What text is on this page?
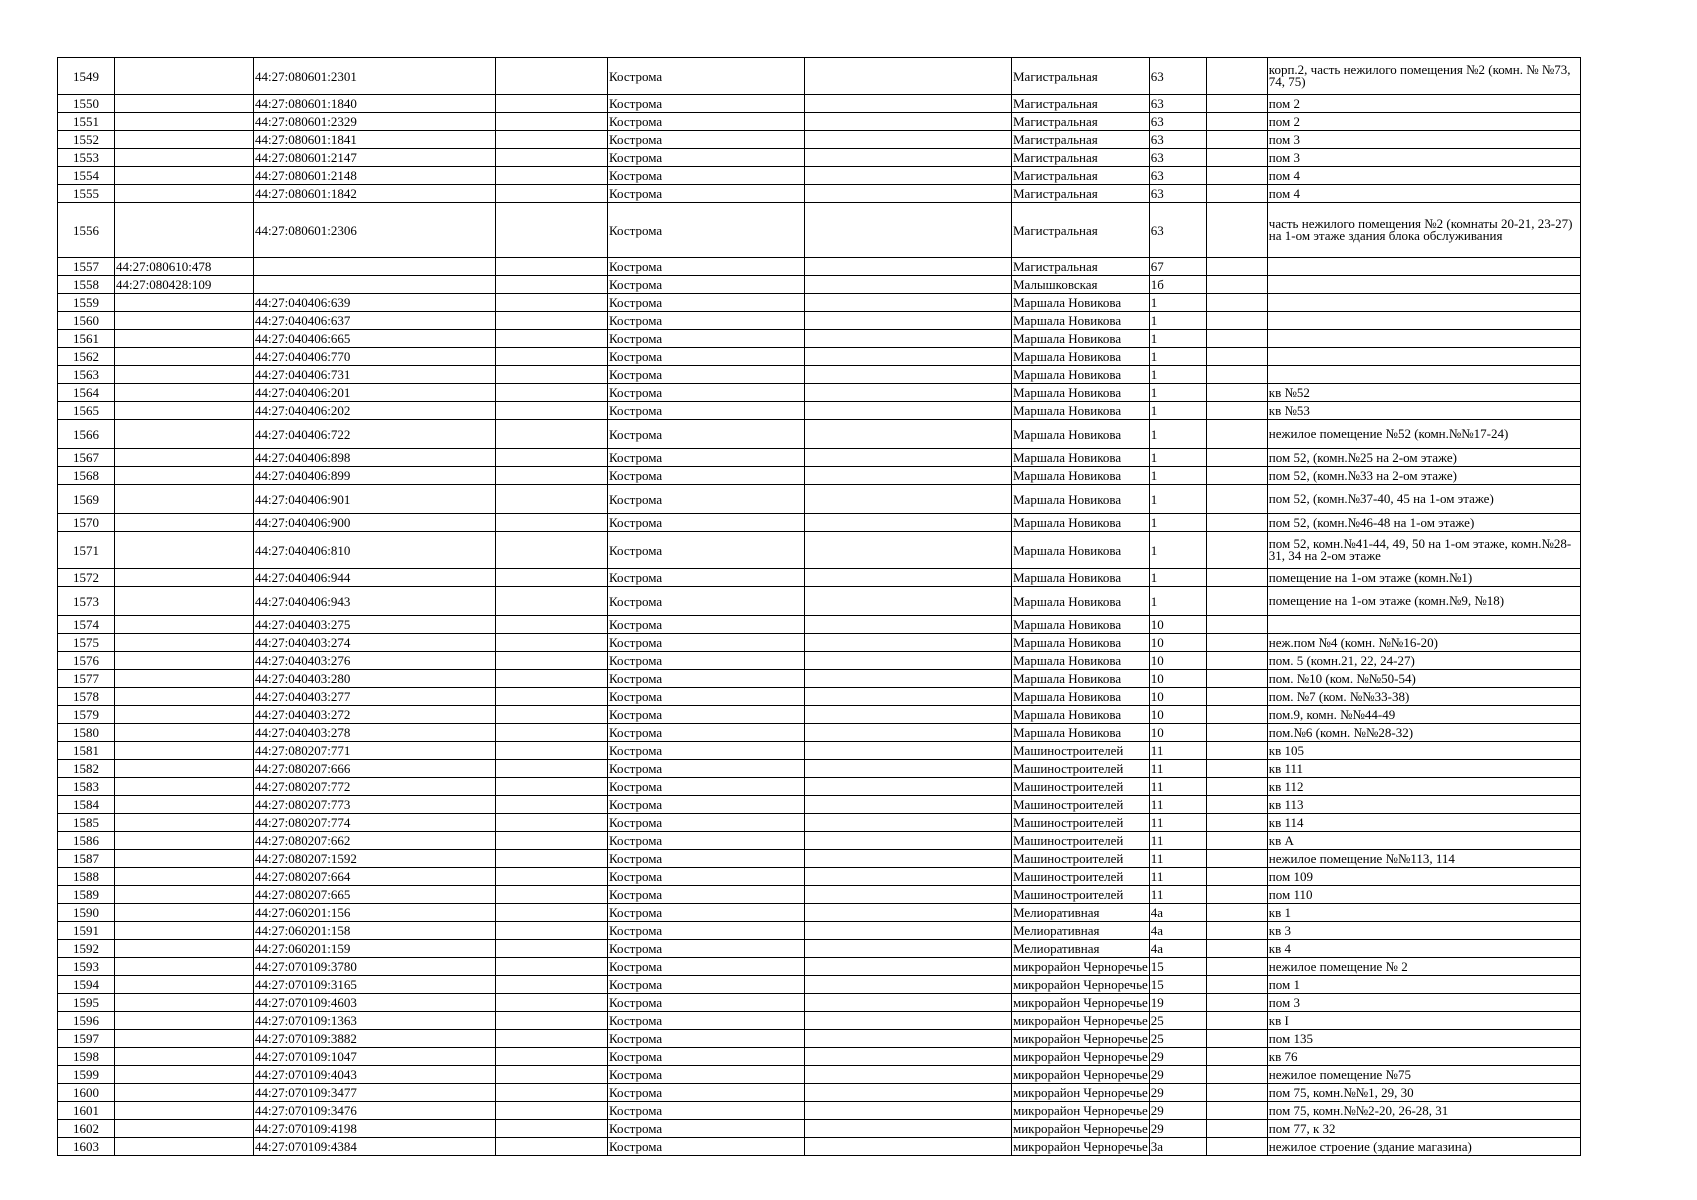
1549		44:27:080601:2301		Кострома		Магистральная	63		корп.2, часть нежилого помещения №2 (комн. № №73, 74, 75)
1550		44:27:080601:1840		Кострома		Магистральная	63		пом 2
1551		44:27:080601:2329		Кострома		Магистральная	63		пом 2
1552		44:27:080601:1841		Кострома		Магистральная	63		пом 3
1553		44:27:080601:2147		Кострома		Магистральная	63		пом 3
1554		44:27:080601:2148		Кострома		Магистральная	63		пом 4
1555		44:27:080601:1842		Кострома		Магистральная	63		пом 4
1556		44:27:080601:2306		Кострома		Магистральная	63		часть нежилого помещения №2 (комнаты 20-21, 23-27) на 1-ом этаже здания блока обслуживания
1557	44:27:080610:478			Кострома		Магистральная	67		
1558	44:27:080428:109			Кострома		Малышковская	1б		
1559		44:27:040406:639		Кострома		Маршала Новикова	1		
1560		44:27:040406:637		Кострома		Маршала Новикова	1		
1561		44:27:040406:665		Кострома		Маршала Новикова	1		
1562		44:27:040406:770		Кострома		Маршала Новикова	1		
1563		44:27:040406:731		Кострома		Маршала Новикова	1		
1564		44:27:040406:201		Кострома		Маршала Новикова	1		кв №52
1565		44:27:040406:202		Кострома		Маршала Новикова	1		кв №53
1566		44:27:040406:722		Кострома		Маршала Новикова	1		нежилое помещение №52 (комн.№№17-24)
1567		44:27:040406:898		Кострома		Маршала Новикова	1		пом 52, (комн.№25 на 2-ом этаже)
1568		44:27:040406:899		Кострома		Маршала Новикова	1		пом 52, (комн.№33 на 2-ом этаже)
1569		44:27:040406:901		Кострома		Маршала Новикова	1		пом 52, (комн.№37-40, 45 на 1-ом этаже)
1570		44:27:040406:900		Кострома		Маршала Новикова	1		пом 52, (комн.№46-48 на 1-ом этаже)
1571		44:27:040406:810		Кострома		Маршала Новикова	1		пом 52, комн.№41-44, 49, 50 на 1-ом этаже, комн.№28-31, 34 на 2-ом этаже
1572		44:27:040406:944		Кострома		Маршала Новикова	1		помещение на 1-ом этаже (комн.№1)
1573		44:27:040406:943		Кострома		Маршала Новикова	1		помещение на 1-ом этаже (комн.№9, №18)
1574		44:27:040403:275		Кострома		Маршала Новикова	10		
1575		44:27:040403:274		Кострома		Маршала Новикова	10		неж.пом №4 (комн. №№16-20)
1576		44:27:040403:276		Кострома		Маршала Новикова	10		пом. 5 (комн.21, 22, 24-27)
1577		44:27:040403:280		Кострома		Маршала Новикова	10		пом. №10 (ком. №№50-54)
1578		44:27:040403:277		Кострома		Маршала Новикова	10		пом. №7 (ком. №№33-38)
1579		44:27:040403:272		Кострома		Маршала Новикова	10		пом.9, комн. №№44-49
1580		44:27:040403:278		Кострома		Маршала Новикова	10		пом.№6 (комн. №№28-32)
1581		44:27:080207:771		Кострома		Машиностроителей	11		кв 105
1582		44:27:080207:666		Кострома		Машиностроителей	11		кв 111
1583		44:27:080207:772		Кострома		Машиностроителей	11		кв 112
1584		44:27:080207:773		Кострома		Машиностроителей	11		кв 113
1585		44:27:080207:774		Кострома		Машиностроителей	11		кв 114
1586		44:27:080207:662		Кострома		Машиностроителей	11		кв А
1587		44:27:080207:1592		Кострома		Машиностроителей	11		нежилое помещение №№113, 114
1588		44:27:080207:664		Кострома		Машиностроителей	11		пом 109
1589		44:27:080207:665		Кострома		Машиностроителей	11		пом 110
1590		44:27:060201:156		Кострома		Мелиоративная	4а		кв 1
1591		44:27:060201:158		Кострома		Мелиоративная	4а		кв 3
1592		44:27:060201:159		Кострома		Мелиоративная	4а		кв 4
1593		44:27:070109:3780		Кострома		микрорайон Черноречье	15		нежилое помещение № 2
1594		44:27:070109:3165		Кострома		микрорайон Черноречье	15		пом 1
1595		44:27:070109:4603		Кострома		микрорайон Черноречье	19		пом 3
1596		44:27:070109:1363		Кострома		микрорайон Черноречье	25		кв I
1597		44:27:070109:3882		Кострома		микрорайон Черноречье	25		пом 135
1598		44:27:070109:1047		Кострома		микрорайон Черноречье	29		кв 76
1599		44:27:070109:4043		Кострома		микрорайон Черноречье	29		нежилое помещение №75
1600		44:27:070109:3477		Кострома		микрорайон Черноречье	29		пом 75, комн.№№1, 29, 30
1601		44:27:070109:3476		Кострома		микрорайон Черноречье	29		пом 75, комн.№№2-20, 26-28, 31
1602		44:27:070109:4198		Кострома		микрорайон Черноречье	29		пом 77, к 32
1603		44:27:070109:4384		Кострома		микрорайон Черноречье	3а		нежилое строение (здание магазина)
